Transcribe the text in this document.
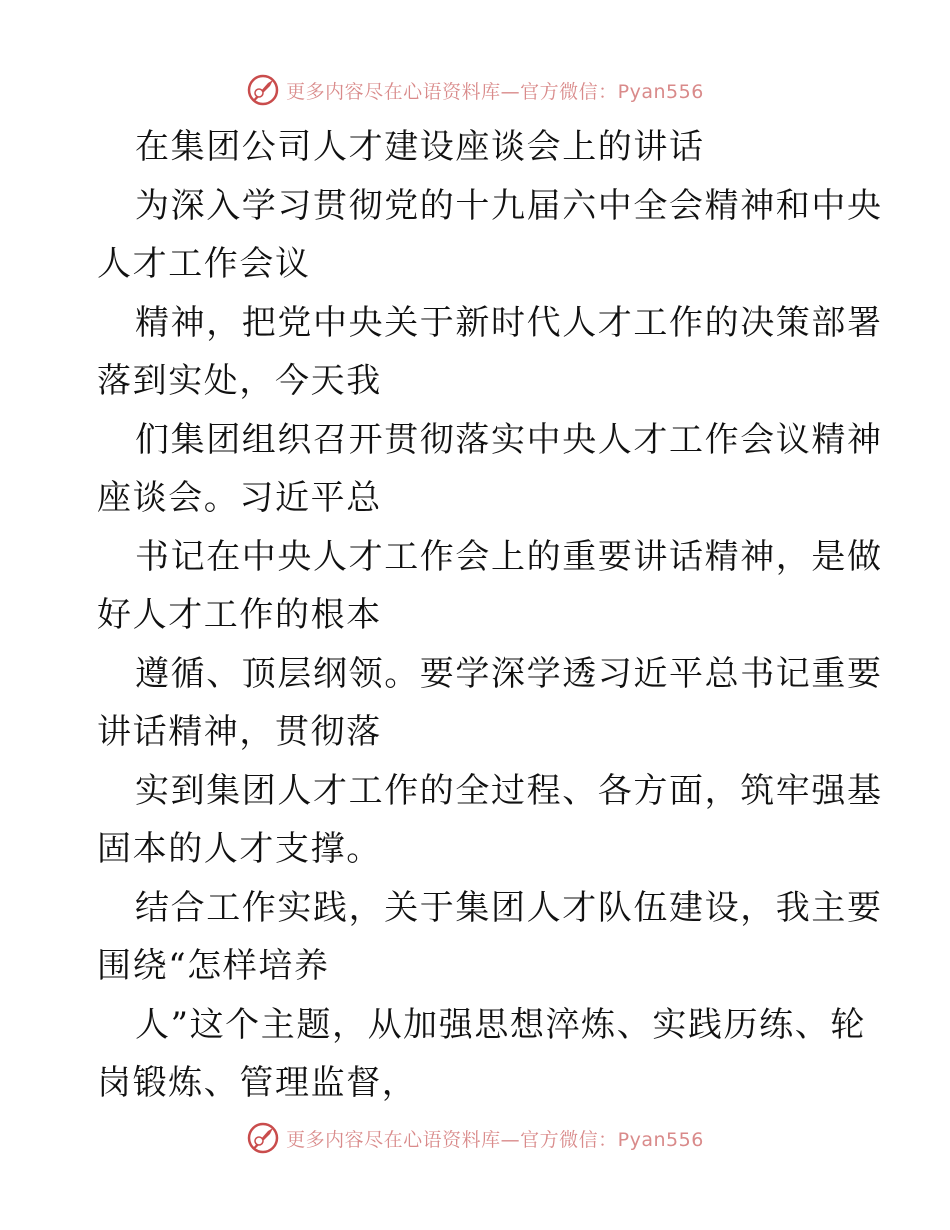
更多内容尽在心语资料库—官方微信：Pyan556
在集团公司人才建设座谈会上的讲话
为深入学习贯彻党的十九届六中全会精神和中央
人才工作会议
精神，把党中央关于新时代人才工作的决策部署
落到实处，今天我
们集团组织召开贯彻落实中央人才工作会议精神
座谈会。习近平总
书记在中央人才工作会上的重要讲话精神，是做
好人才工作的根本
遵循、顶层纲领。要学深学透习近平总书记重要
讲话精神，贯彻落
实到集团人才工作的全过程、各方面，筑牢强基
固本的人才支撑。
结合工作实践，关于集团人才队伍建设，我主要
围绕“怎样培养
人”这个主题，从加强思想淬炼、实践历练、轮
岗锻炼、管理监督，
更多内容尽在心语资料库—官方微信：Pyan556
